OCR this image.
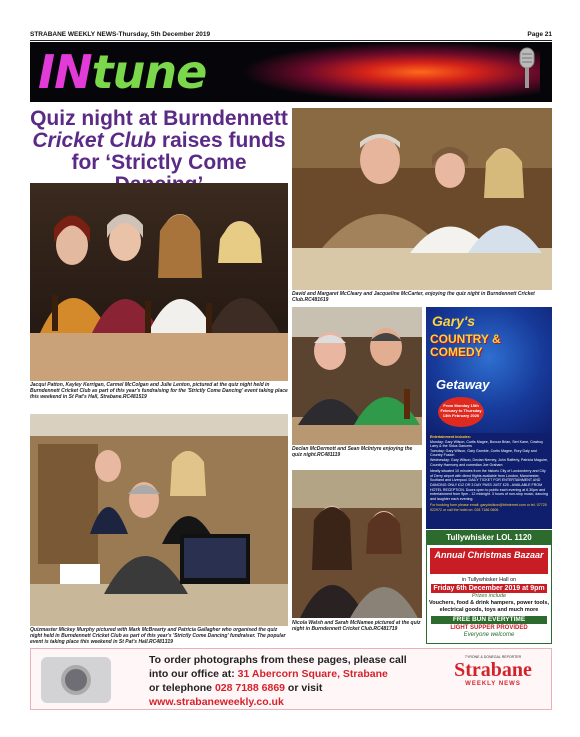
STRABANE WEEKLY NEWS-Thursday, 5th December 2019	Page 21
INtune
Quiz night at Burndennett
Cricket Club raises funds
for ‘Strictly Come
Jacqui Patton, Kayley Kerrigan, Carmel McColgan and Julie Lenton, pictured at the quiz night held in Burndennett Cricket Club as part of this year's fundraising for the 'Strictly Come Dancing' event taking place this weekend in St Pat's Hall, Strabane.RC481519
David and Margaret McCleary and Jacqueline McCarter, enjoying the quiz night in Burndennett Cricket Club.RC481619
Declan McDermott and Sean McIntyre enjoying the quiz night.RC481119
Quizmaster Mickey Murphy pictured with Mark McBrearty and Patricia Gallagher who organised the quiz night held in Burndennett Cricket Club as part of this year's 'Strictly Come Dancing' fundraiser. The popular event is taking place this weekend in St Pat's Hall.RC481319
Nicola Walsh and Sarah McNamee pictured at the quiz night in Burndennett Cricket Club.RC481719
Gary's
COUNTRY & COMEDY
Getaway
From Monday 10th February to Thursday 13th February 2020
Entertainment includes:
Monday: Gary Wilson, Curtis Magee, Boxcar Brian, Seri Kane, Cowboy Larry & the Sidus Dancers
Tuesday: Gary Wilson, Gary Gamble, Curtis Magee, Rory Daly and Country Fusion
Wednesday: Gary Wilson, Declan Nerney, John Rafferty, Patricia Maguire, Country Harmony and comedian Joe Graham
Ideally situated 10 minutes from the historic City of Londonderry and City of Derry airport with direct flights available from London, Manchester, Scotland and Liverpool. DAILY TICKET FOR ENTERTAINMENT AND DANCING ONLY £12 OR 3 DAY PASS JUST £25 - AVAILABLE FROM HOTEL RECEPTION. Doors open to public each evening at 6.30pm and entertainment from 9pm - 12 midnight. 3 hours of non-stop music, dancing and laughter each evening.
For booking form please email: garydwilson@btinternet.com or tel. 07725 922972 or call the hotel on: 028 7186 0606
Tullywhisker LOL 1120
Annual Christmas Bazaar
in Tullywhisker Hall on
Friday 6th December 2019 at 9pm
Prizes include
Vouchers, food & drink hampers, power tools, electrical goods, toys and much more
FREE BUN EVERYTIME
LIGHT SUPPER PROVIDED
Everyone welcome
To order photographs from these pages, please call
into our office at: 31 Abercorn Square, Strabane
or telephone 028 7188 6869 or visit www.strabaneweekly.co.uk
TYRONE & DONEGAL REPORTER
Strabane
WEEKLY NEWS
